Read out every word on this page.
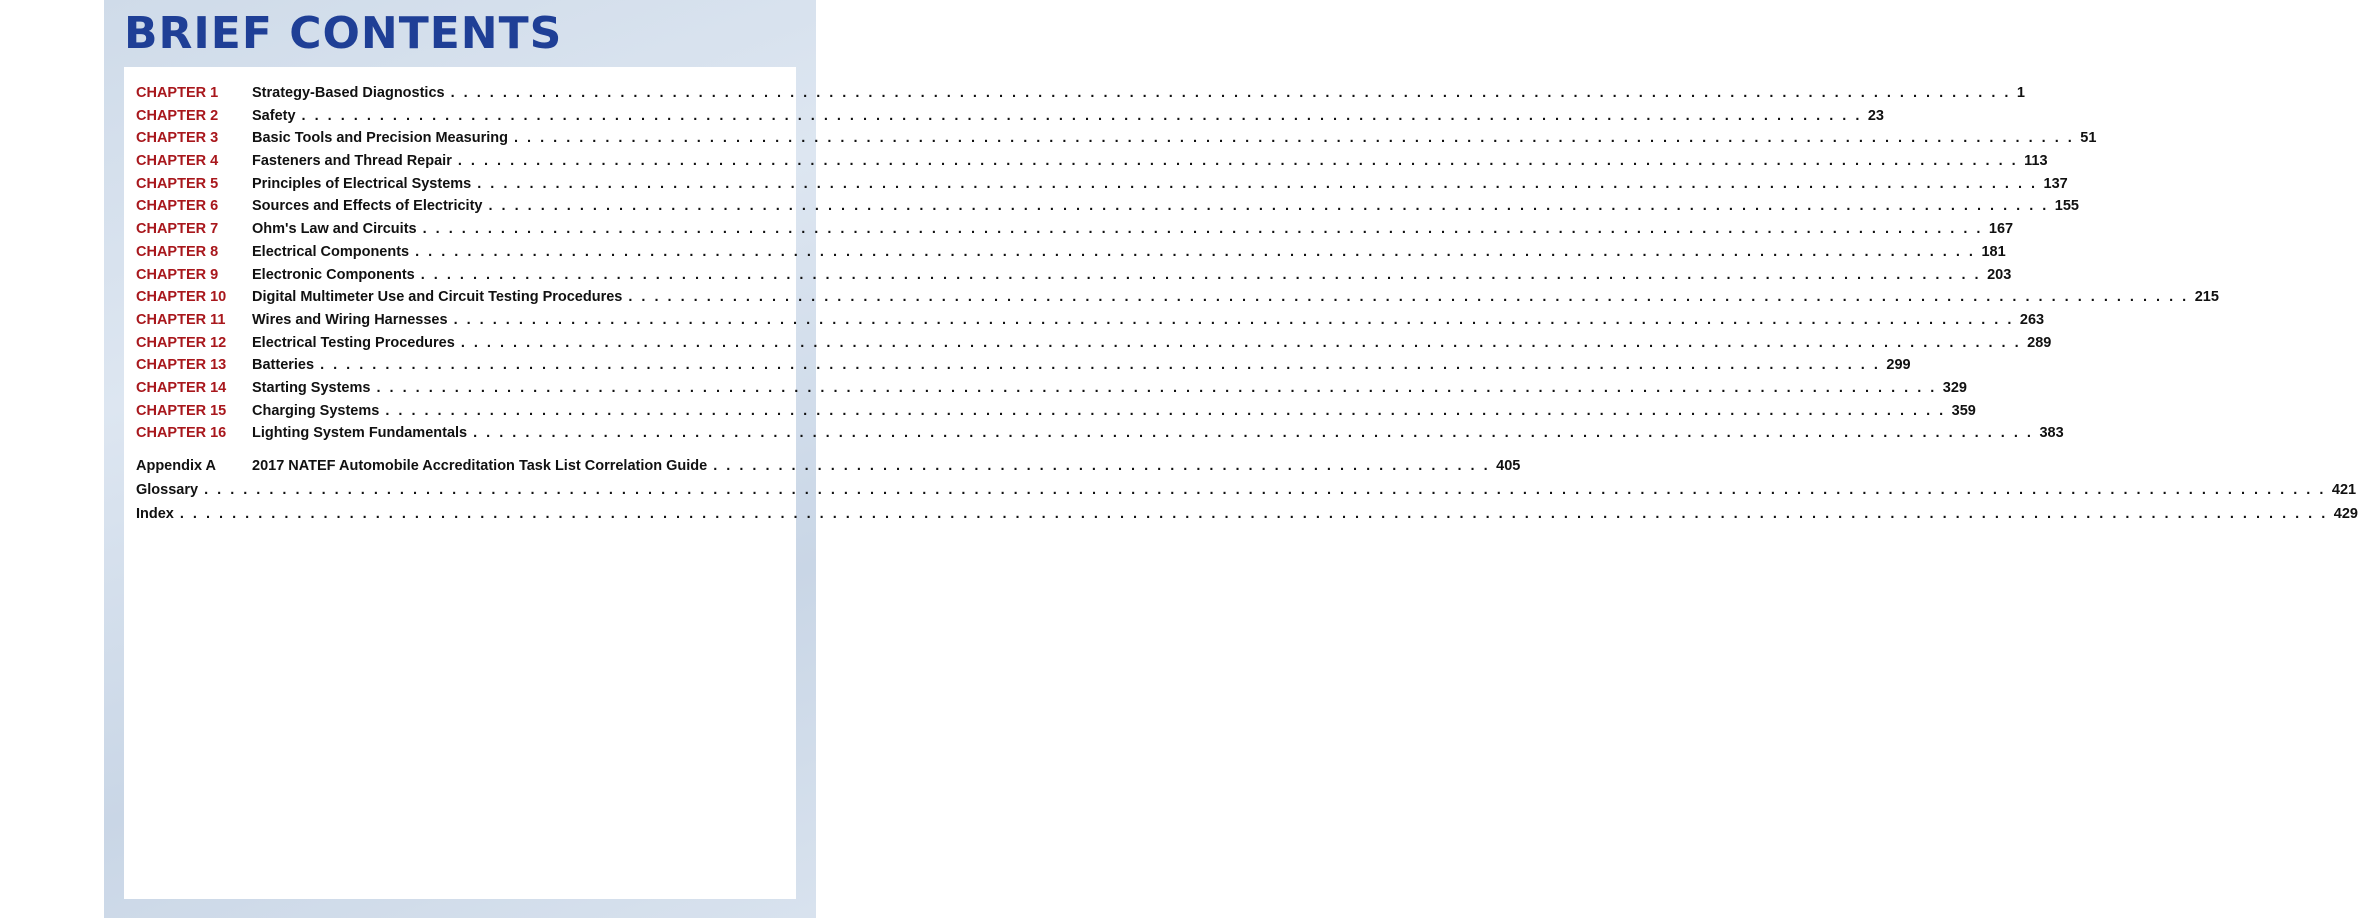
BRIEF CONTENTS
CHAPTER 1	Strategy-Based Diagnostics . . . . . . . . . . . . . . . . . . . . . . . . . . . . . . . . . . . . . . . . . . . . . . . . . . . . . . . . . . . . . . . . . . . . . . . . . . . . . . . . . . . . . . . . . . . . . . . . . . . . . . . . . . . . . . . . . . . . . . . . 1
CHAPTER 2	Safety . . . . . . . . . . . . . . . . . . . . . . . . . . . . . . . . . . . . . . . . . . . . . . . . . . . . . . . . . . . . . . . . . . . . . . . . . . . . . . . . . . . . . . . . . . . . . . . . . . . . . . . . . . . . . . . . . . . . . . . . 23
CHAPTER 3	Basic Tools and Precision Measuring . . . . . . . . . . . . . . . . . . . . . . . . . . . . . . . . . . . . . . . . . . . . . . . . . . . . . . . . . . . . . . . . . . . . . . . . . . . . . . . . . . . . . . . . . . . . . . . . . . . . . . . . . . . . . . . . . . . . . . . . 51
CHAPTER 4	Fasteners and Thread Repair . . . . . . . . . . . . . . . . . . . . . . . . . . . . . . . . . . . . . . . . . . . . . . . . . . . . . . . . . . . . . . . . . . . . . . . . . . . . . . . . . . . . . . . . . . . . . . . . . . . . . . . . . . . . . . . . . . . . . . . . 113
CHAPTER 5	Principles of Electrical Systems . . . . . . . . . . . . . . . . . . . . . . . . . . . . . . . . . . . . . . . . . . . . . . . . . . . . . . . . . . . . . . . . . . . . . . . . . . . . . . . . . . . . . . . . . . . . . . . . . . . . . . . . . . . . . . . . . . . . . . . . 137
CHAPTER 6	Sources and Effects of Electricity . . . . . . . . . . . . . . . . . . . . . . . . . . . . . . . . . . . . . . . . . . . . . . . . . . . . . . . . . . . . . . . . . . . . . . . . . . . . . . . . . . . . . . . . . . . . . . . . . . . . . . . . . . . . . . . . . . . . . . . . 155
CHAPTER 7	Ohm's Law and Circuits . . . . . . . . . . . . . . . . . . . . . . . . . . . . . . . . . . . . . . . . . . . . . . . . . . . . . . . . . . . . . . . . . . . . . . . . . . . . . . . . . . . . . . . . . . . . . . . . . . . . . . . . . . . . . . . . . . . . . . . . 167
CHAPTER 8	Electrical Components . . . . . . . . . . . . . . . . . . . . . . . . . . . . . . . . . . . . . . . . . . . . . . . . . . . . . . . . . . . . . . . . . . . . . . . . . . . . . . . . . . . . . . . . . . . . . . . . . . . . . . . . . . . . . . . . . . . . . . . . 181
CHAPTER 9	Electronic Components . . . . . . . . . . . . . . . . . . . . . . . . . . . . . . . . . . . . . . . . . . . . . . . . . . . . . . . . . . . . . . . . . . . . . . . . . . . . . . . . . . . . . . . . . . . . . . . . . . . . . . . . . . . . . . . . . . . . . . . . 203
CHAPTER 10	Digital Multimeter Use and Circuit Testing Procedures . . . . . . . . . . . . . . . . . . . . . . . . . . . . . . . . . . . . . . . . . . . . . . . . . . . . . . . . . . . . . . . . . . . . . . . . . . . . . . . . . . . . . . . . . . . . . . . . . . . . . . . . . . . . . . . . . . . . . . . . 215
CHAPTER 11	Wires and Wiring Harnesses . . . . . . . . . . . . . . . . . . . . . . . . . . . . . . . . . . . . . . . . . . . . . . . . . . . . . . . . . . . . . . . . . . . . . . . . . . . . . . . . . . . . . . . . . . . . . . . . . . . . . . . . . . . . . . . . . . . . . . . . 263
CHAPTER 12	Electrical Testing Procedures . . . . . . . . . . . . . . . . . . . . . . . . . . . . . . . . . . . . . . . . . . . . . . . . . . . . . . . . . . . . . . . . . . . . . . . . . . . . . . . . . . . . . . . . . . . . . . . . . . . . . . . . . . . . . . . . . . . . . . . . 289
CHAPTER 13	Batteries . . . . . . . . . . . . . . . . . . . . . . . . . . . . . . . . . . . . . . . . . . . . . . . . . . . . . . . . . . . . . . . . . . . . . . . . . . . . . . . . . . . . . . . . . . . . . . . . . . . . . . . . . . . . . . . . . . . . . . . . 299
CHAPTER 14	Starting Systems . . . . . . . . . . . . . . . . . . . . . . . . . . . . . . . . . . . . . . . . . . . . . . . . . . . . . . . . . . . . . . . . . . . . . . . . . . . . . . . . . . . . . . . . . . . . . . . . . . . . . . . . . . . . . . . . . . . . . . . . 329
CHAPTER 15	Charging Systems . . . . . . . . . . . . . . . . . . . . . . . . . . . . . . . . . . . . . . . . . . . . . . . . . . . . . . . . . . . . . . . . . . . . . . . . . . . . . . . . . . . . . . . . . . . . . . . . . . . . . . . . . . . . . . . . . . . . . . . . 359
CHAPTER 16	Lighting System Fundamentals . . . . . . . . . . . . . . . . . . . . . . . . . . . . . . . . . . . . . . . . . . . . . . . . . . . . . . . . . . . . . . . . . . . . . . . . . . . . . . . . . . . . . . . . . . . . . . . . . . . . . . . . . . . . . . . . . . . . . . . . 383
Appendix A	2017 NATEF Automobile Accreditation Task List Correlation Guide . . . . . . . . . . . . . . . . . . . . . . . . . . . . . . . . . . . . . . . . . . . . . . . . . . . . . . . . . . . . 405
Glossary . . . . . . . . . . . . . . . . . . . . . . . . . . . . . . . . . . . . . . . . . . . . . . . . . . . . . . . . . . . . . . . . . . . . . . . . . . . . . . . . . . . . . . . . . . . . . . . . . . . . . . . . . . . . . . . . . . . . . . . . . . . . . . . . . . . . . . . . . . . . . . . . . . . . . . . . . . . . . . . . . . . 421
Index . . . . . . . . . . . . . . . . . . . . . . . . . . . . . . . . . . . . . . . . . . . . . . . . . . . . . . . . . . . . . . . . . . . . . . . . . . . . . . . . . . . . . . . . . . . . . . . . . . . . . . . . . . . . . . . . . . . . . . . . . . . . . . . . . . . . . . . . . . . . . . . . . . . . . . . . . . . . . . . . . . . . . 429
